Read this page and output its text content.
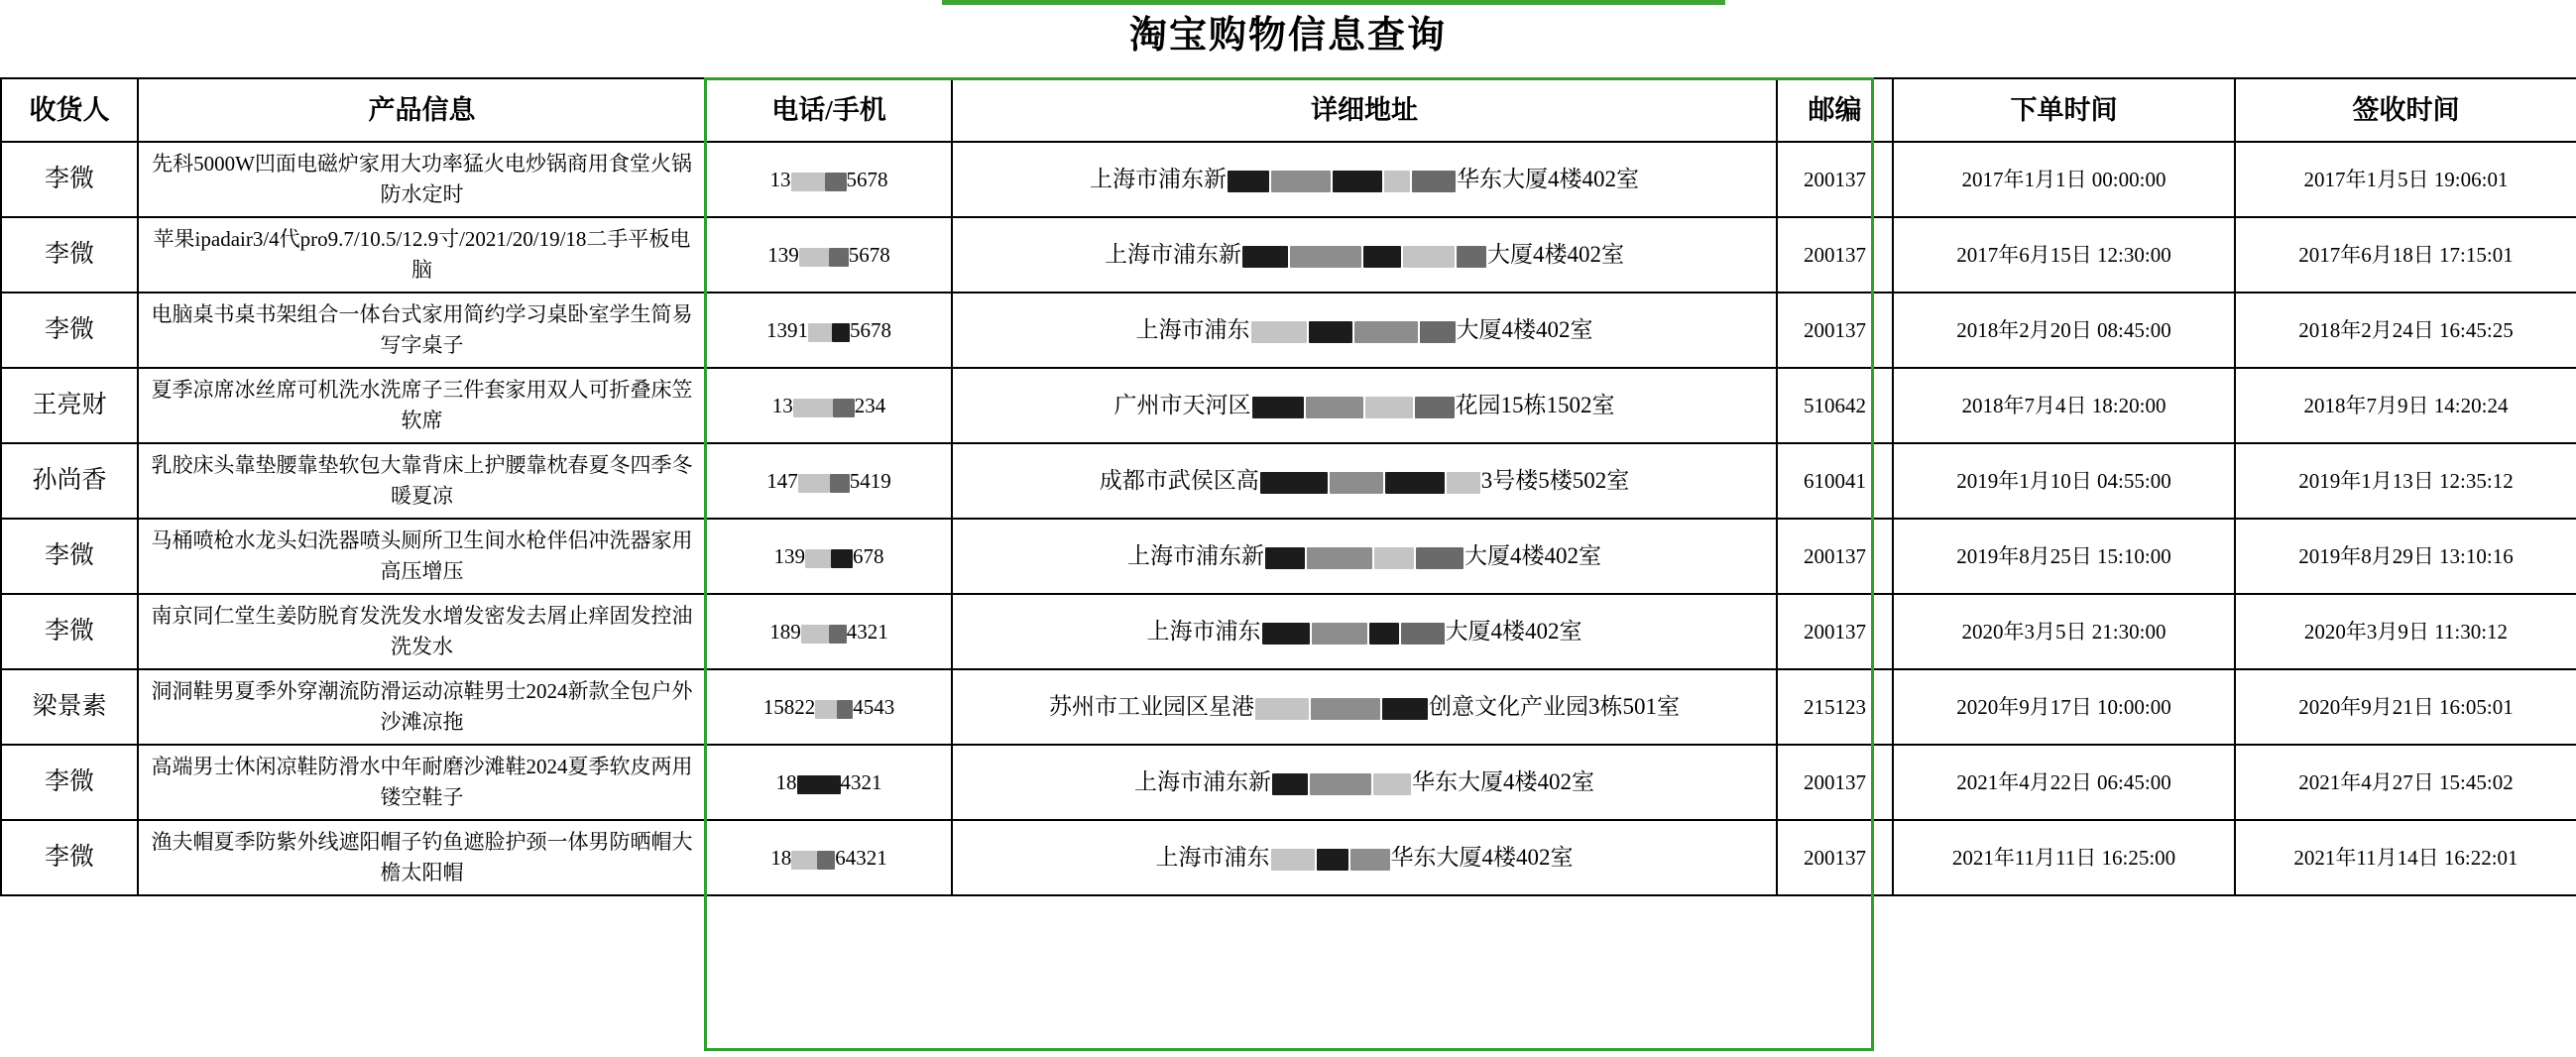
淘宝购物信息查询
收货人	产品信息	电话/手机	详细地址	邮编	下单时间	签收时间
李微	先科5000W凹面电磁炉家用大功率猛火电炒锅商用食堂火锅防水定时	13 5678	上海市浦东新 华东大厦4楼402室	200137	2017年1月1日 00:00:00	2017年1月5日 19:06:01
李微	苹果ipadair3/4代pro9.7/10.5/12.9寸/2021/20/19/18二手平板电脑	139 5678	上海市浦东新 大厦4楼402室	200137	2017年6月15日 12:30:00	2017年6月18日 17:15:01
李微	电脑桌书桌书架组合一体台式家用简约学习桌卧室学生简易写字桌子	1391 5678	上海市浦东 大厦4楼402室	200137	2018年2月20日 08:45:00	2018年2月24日 16:45:25
王亮财	夏季凉席冰丝席可机洗水洗席子三件套家用双人可折叠床笠软席	13 234	广州市天河区 花园15栋1502室	510642	2018年7月4日 18:20:00	2018年7月9日 14:20:24
孙尚香	乳胶床头靠垫腰靠垫软包大靠背床上护腰靠枕春夏冬四季冬暖夏凉	147 5419	成都市武侯区高 3号楼5楼502室	610041	2019年1月10日 04:55:00	2019年1月13日 12:35:12
李微	马桶喷枪水龙头妇洗器喷头厕所卫生间水枪伴侣冲洗器家用高压增压	139 678	上海市浦东新 大厦4楼402室	200137	2019年8月25日 15:10:00	2019年8月29日 13:10:16
李微	南京同仁堂生姜防脱育发洗发水增发密发去屑止痒固发控油洗发水	189 4321	上海市浦东 大厦4楼402室	200137	2020年3月5日 21:30:00	2020年3月9日 11:30:12
梁景素	洞洞鞋男夏季外穿潮流防滑运动凉鞋男士2024新款全包户外沙滩凉拖	15822 4543	苏州市工业园区星港 创意文化产业园3栋501室	215123	2020年9月17日 10:00:00	2020年9月21日 16:05:01
李微	高端男士休闲凉鞋防滑水中年耐磨沙滩鞋2024夏季软皮两用镂空鞋子	18 4321	上海市浦东新 华东大厦4楼402室	200137	2021年4月22日 06:45:00	2021年4月27日 15:45:02
李微	渔夫帽夏季防紫外线遮阳帽子钓鱼遮脸护颈一体男防晒帽大檐太阳帽	18 64321	上海市浦东 华东大厦4楼402室	200137	2021年11月11日 16:25:00	2021年11月14日 16:22:01
